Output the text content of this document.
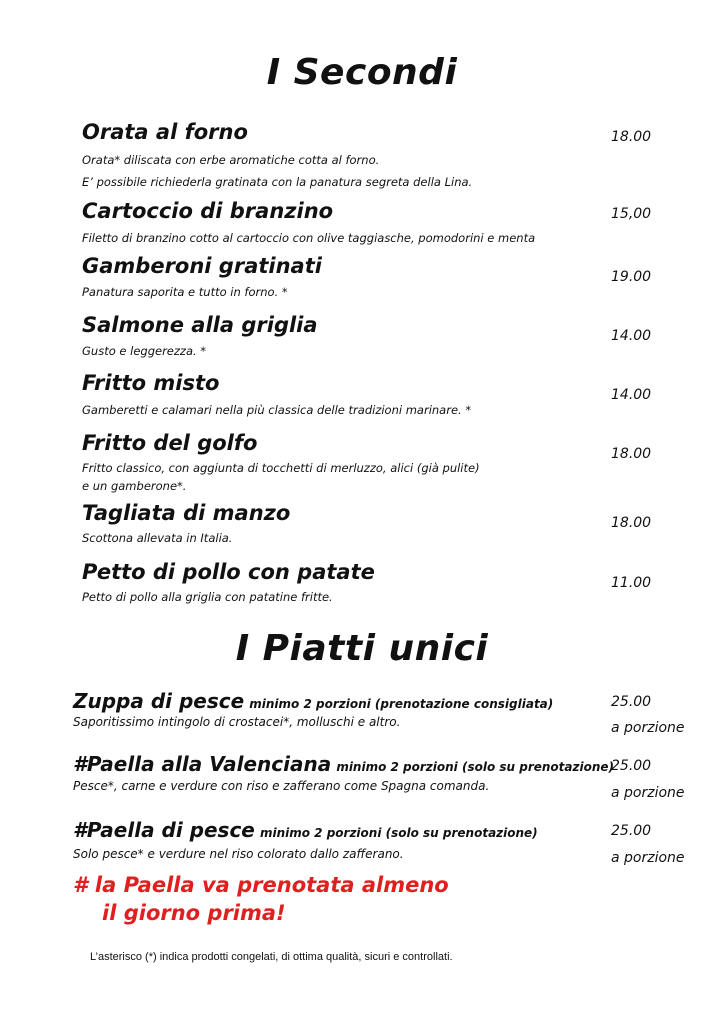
I Secondi
Orata al forno
Orata* diliscata con erbe aromatiche cotta al forno.
E’ possibile richiederla gratinata con la panatura segreta della Lina.
18.00
Cartoccio di branzino
Filetto di branzino cotto al cartoccio con olive taggiasche, pomodorini e menta
15,00
Gamberoni gratinati
Panatura saporita e tutto in forno. *
19.00
Salmone alla griglia
Gusto e leggerezza. *
14.00
Fritto misto
Gamberetti e calamari nella più classica delle tradizioni marinare. *
14.00
Fritto del golfo
Fritto classico, con aggiunta di tocchetti di merluzzo, alici (già pulite)
e un gamberone*.
18.00
Tagliata di manzo
Scottona allevata in Italia.
18.00
Petto di pollo con patate
Petto di pollo alla griglia con patatine fritte.
11.00
I Piatti unici
Zuppa di pesce minimo 2 porzioni (prenotazione consigliata)
Saporitissimo intingolo di crostacei*, molluschi e altro.
25.00
a porzione
#Paella alla Valenciana minimo 2 porzioni (solo su prenotazione)
Pesce*, carne e verdure con riso e zafferano come Spagna comanda.
25.00
a porzione
#Paella di pesce minimo 2 porzioni (solo su prenotazione)
Solo pesce* e verdure nel riso colorato dallo zafferano.
25.00
a porzione
# la Paella va prenotata almeno
il giorno prima!
L’asterisco (*) indica prodotti congelati, di ottima qualità, sicuri e controllati.
